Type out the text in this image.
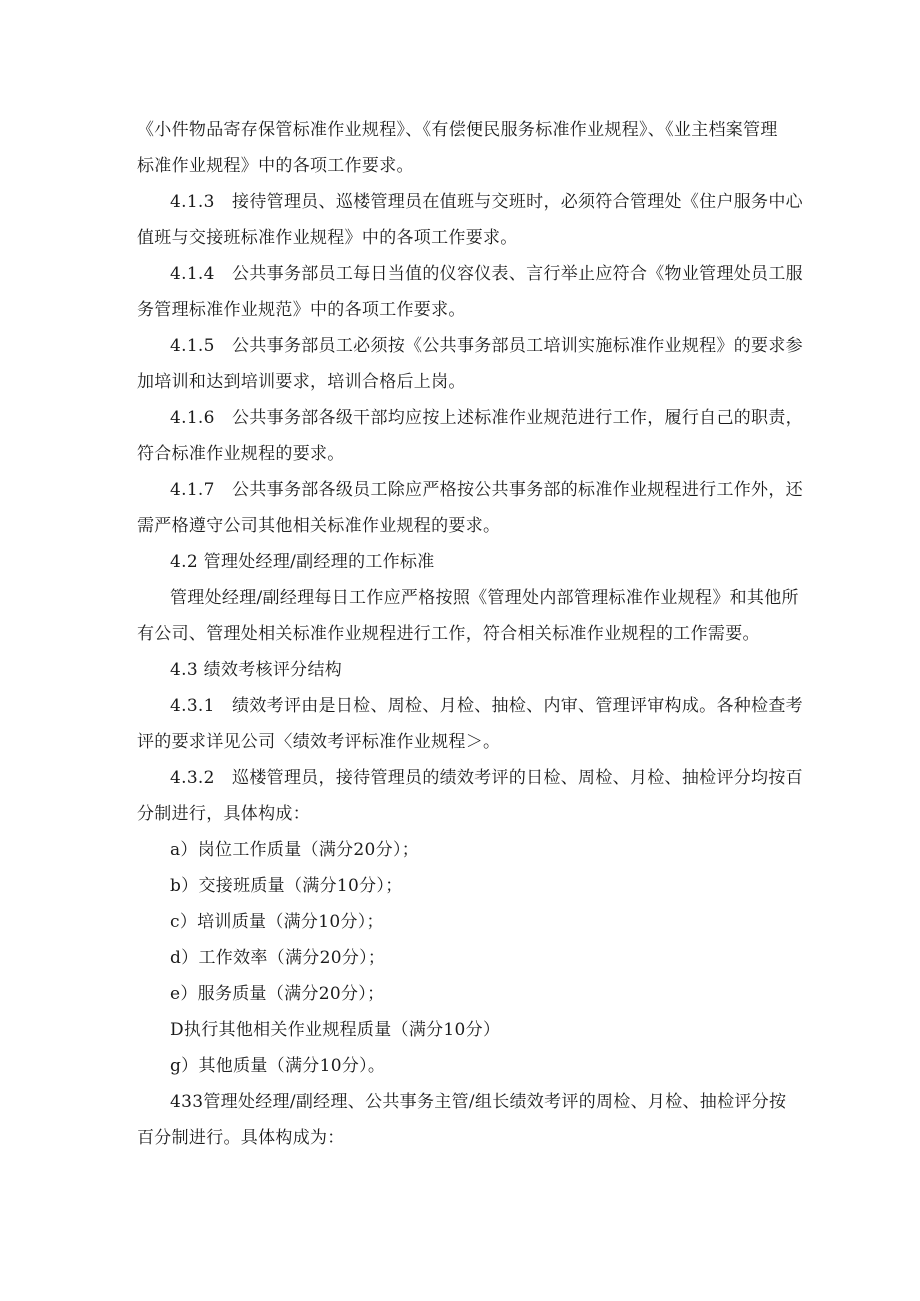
《小件物品寄存保管标准作业规程》、《有偿便民服务标准作业规程》、《业主档案管理
标准作业规程》中的各项工作要求。
4.1.3　接待管理员、巡楼管理员在值班与交班时，必须符合管理处《住户服务中心
值班与交接班标准作业规程》中的各项工作要求。
4.1.4　公共事务部员工每日当值的仪容仪表、言行举止应符合《物业管理处员工服
务管理标准作业规范》中的各项工作要求。
4.1.5　公共事务部员工必须按《公共事务部员工培训实施标准作业规程》的要求参
加培训和达到培训要求，培训合格后上岗。
4.1.6　公共事务部各级干部均应按上述标准作业规范进行工作，履行自己的职责，
符合标准作业规程的要求。
4.1.7　公共事务部各级员工除应严格按公共事务部的标准作业规程进行工作外，还
需严格遵守公司其他相关标准作业规程的要求。
4.2 管理处经理/副经理的工作标准
管理处经理/副经理每日工作应严格按照《管理处内部管理标准作业规程》和其他所
有公司、管理处相关标准作业规程进行工作，符合相关标准作业规程的工作需要。
4.3 绩效考核评分结构
4.3.1　绩效考评由是日检、周检、月检、抽检、内审、管理评审构成。各种检查考
评的要求详见公司〈绩效考评标准作业规程＞。
4.3.2　巡楼管理员，接待管理员的绩效考评的日检、周检、月检、抽检评分均按百
分制进行，具体构成：
a）岗位工作质量（满分20分）；
b）交接班质量（满分10分）；
c）培训质量（满分10分）；
d）工作效率（满分20分）；
e）服务质量（满分20分）；
D执行其他相关作业规程质量（满分10分）
g）其他质量（满分10分）。
433管理处经理/副经理、公共事务主管/组长绩效考评的周检、月检、抽检评分按
百分制进行。具体构成为：
